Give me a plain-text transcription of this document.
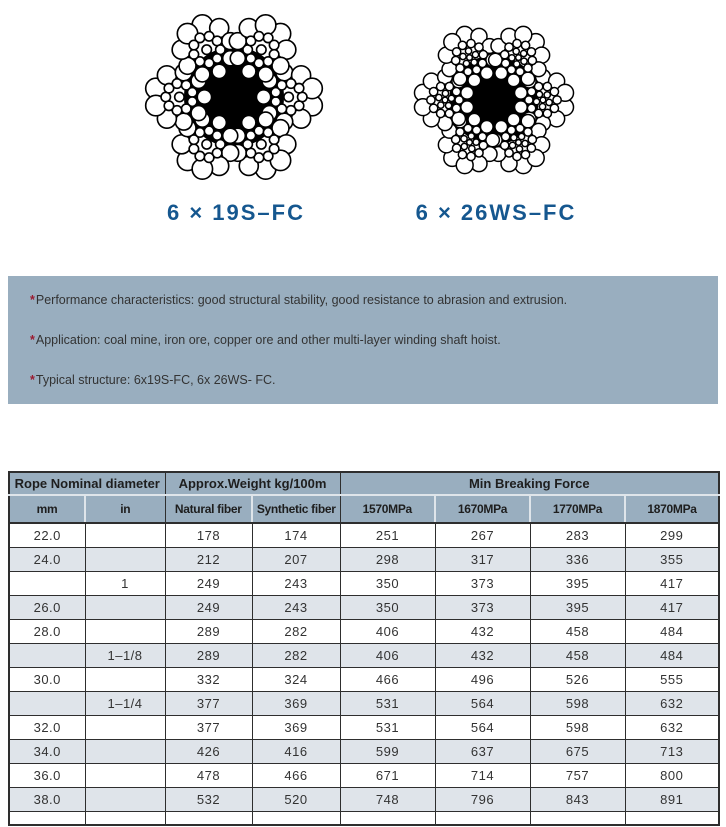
6 × 19S–FC	6 × 26WS–FC

*Performance characteristics: good structural stability, good resistance to abrasion and extrusion.

*Application: coal mine, iron ore, copper ore and other multi-layer winding shaft hoist.

*Typical structure: 6x19S-FC, 6x 26WS- FC.

Rope Nominal diameter		Approx.Weight kg/100m		Min Breaking Force			
mm	in	Natural fiber	Synthetic fiber	1570MPa	1670MPa	1770MPa	1870MPa
22.0		178	174	251	267	283	299
24.0		212	207	298	317	336	355
	1	249	243	350	373	395	417
26.0		249	243	350	373	395	417
28.0		289	282	406	432	458	484
	1–1/8	289	282	406	432	458	484
30.0		332	324	466	496	526	555
	1–1/4	377	369	531	564	598	632
32.0		377	369	531	564	598	632
34.0		426	416	599	637	675	713
36.0		478	466	671	714	757	800
38.0		532	520	748	796	843	891
